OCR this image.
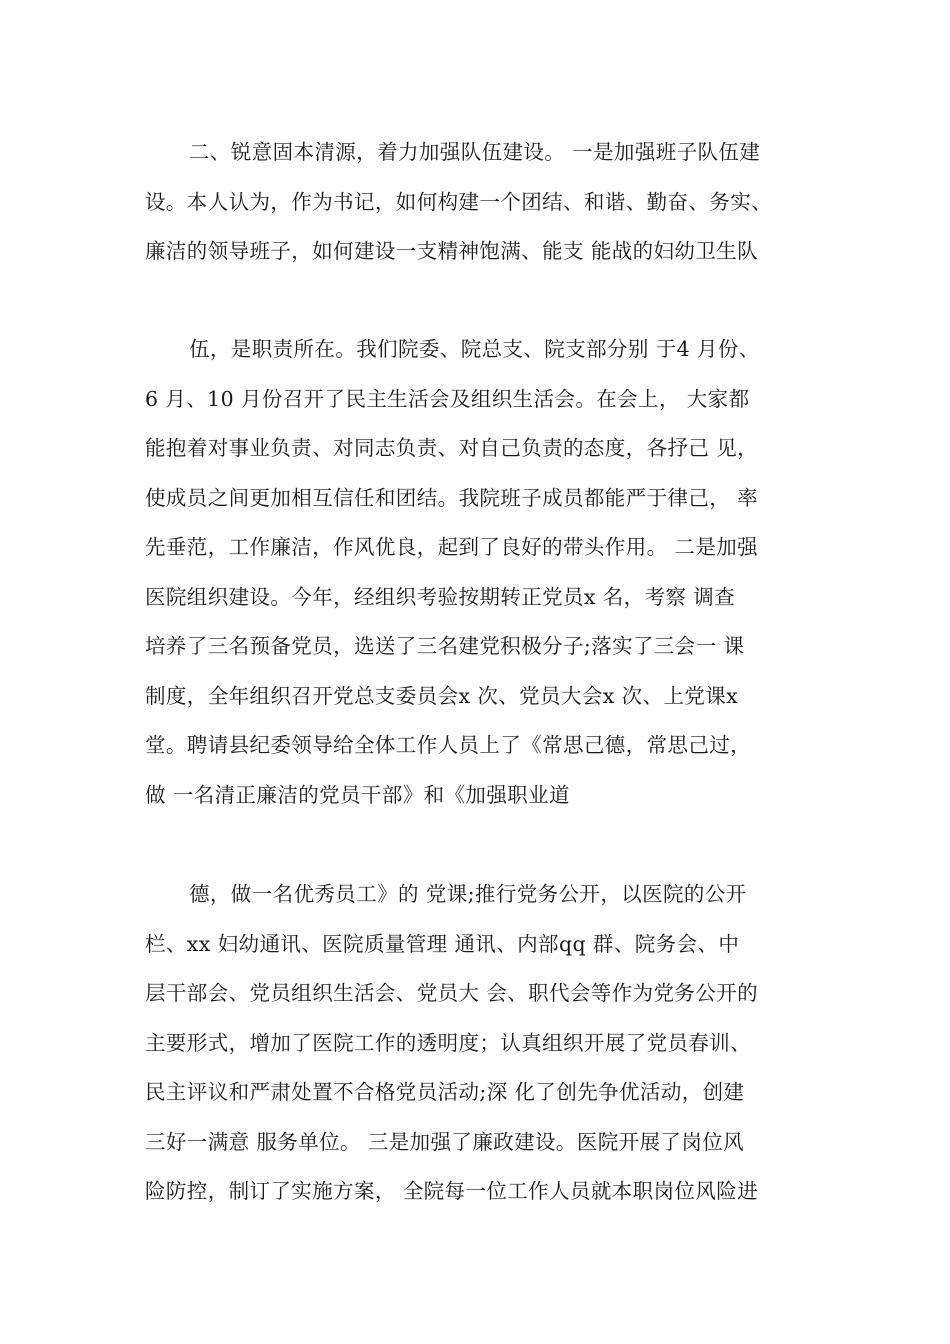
二、锐意固本清源，着力加强队伍建设。 一是加强班子队伍建
设。本人认为，作为书记，如何构建一个团结、和谐、勤奋、务实、
廉洁的领导班子，如何建设一支精神饱满、能支 能战的妇幼卫生队

伍，是职责所在。我们院委、院总支、院支部分别 于4 月份、
6 月、10 月份召开了民主生活会及组织生活会。在会上， 大家都
能抱着对事业负责、对同志负责、对自己负责的态度，各抒己 见，
使成员之间更加相互信任和团结。我院班子成员都能严于律己， 率
先垂范，工作廉洁，作风优良，起到了良好的带头作用。 二是加强
医院组织建设。今年，经组织考验按期转正党员x 名，考察 调查
培养了三名预备党员，选送了三名建党积极分子;落实了三会一 课
制度，全年组织召开党总支委员会x 次、党员大会x 次、上党课x
堂。聘请县纪委领导给全体工作人员上了《常思己德，常思己过，
做 一名清正廉洁的党员干部》和《加强职业道

德，做一名优秀员工》的 党课;推行党务公开，以医院的公开
栏、xx 妇幼通讯、医院质量管理 通讯、内部qq 群、院务会、中
层干部会、党员组织生活会、党员大 会、职代会等作为党务公开的
主要形式，增加了医院工作的透明度；认真组织开展了党员春训、
民主评议和严肃处置不合格党员活动;深 化了创先争优活动，创建
三好一满意 服务单位。 三是加强了廉政建设。医院开展了岗位风
险防控，制订了实施方案， 全院每一位工作人员就本职岗位风险进
